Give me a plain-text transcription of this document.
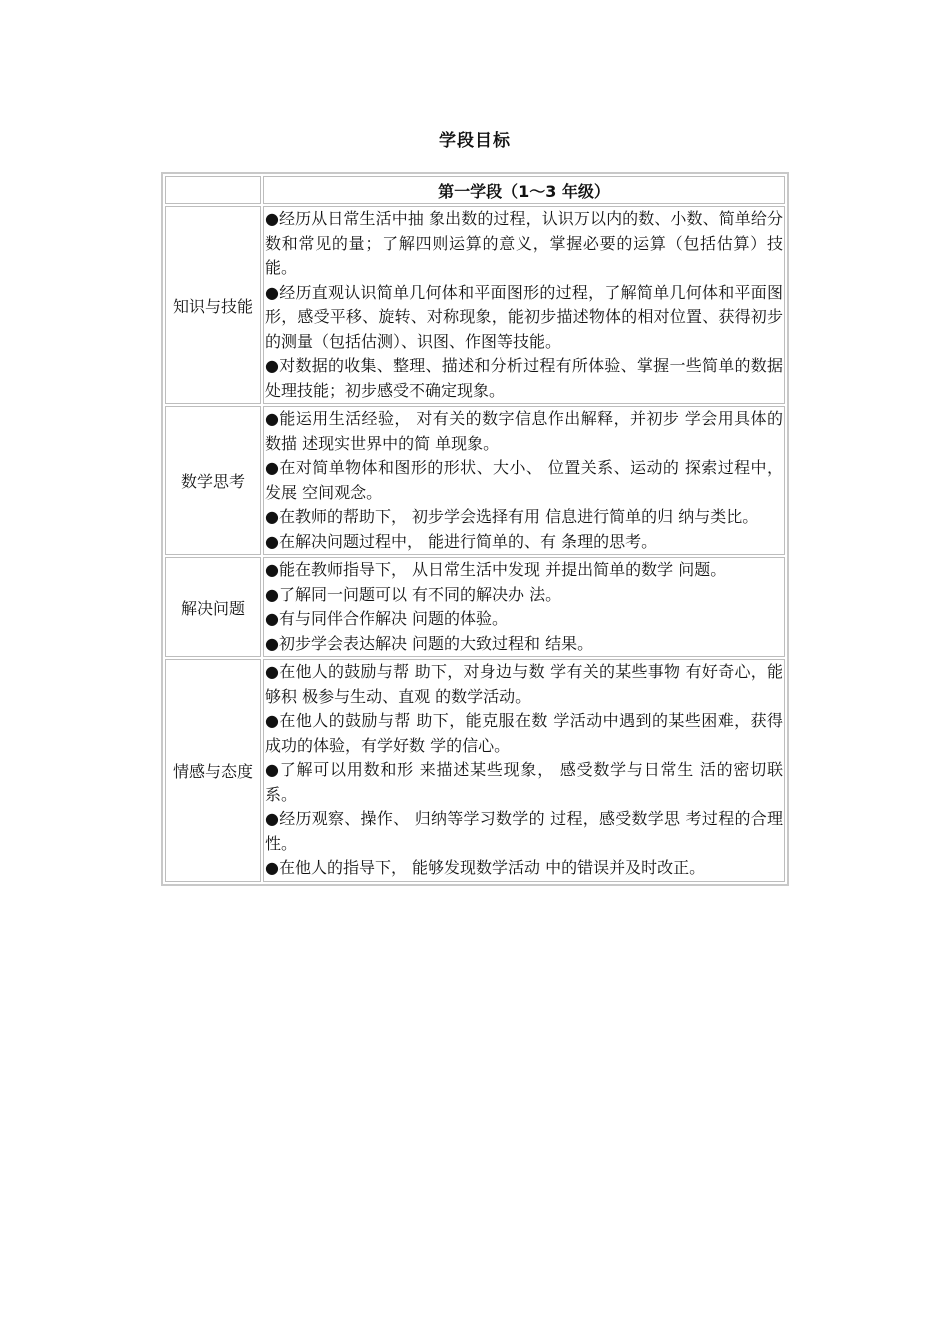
学段目标
	第一学段（1～3 年级）
知识与技能	●经历从日常生活中抽 象出数的过程，认识万以内的数、小数、简单给分数和常见的量；了解四则运算的意义，掌握必要的运算（包括估算）技能。
●经历直观认识简单几何体和平面图形的过程，了解简单几何体和平面图形，感受平移、旋转、对称现象，能初步描述物体的相对位置、获得初步的测量（包括估测）、识图、作图等技能。
●对数据的收集、整理、描述和分析过程有所体验、掌握一些简单的数据处理技能；初步感受不确定现象。

数学思考	●能运用生活经验， 对有关的数字信息作出解释，并初步 学会用具体的数描 述现实世界中的简 单现象。
●在对简单物体和图形的形状、大小、 位置关系、运动的 探索过程中，发展 空间观念。
●在教师的帮助下， 初步学会选择有用 信息进行简单的归 纳与类比。
●在解决问题过程中， 能进行简单的、有 条理的思考。

解决问题	●能在教师指导下， 从日常生活中发现 并提出简单的数学 问题。
●了解同一问题可以 有不同的解决办 法。
●有与同伴合作解决 问题的体验。
●初步学会表达解决 问题的大致过程和 结果。

情感与态度	●在他人的鼓励与帮 助下，对身边与数 学有关的某些事物 有好奇心，能够积 极参与生动、直观 的数学活动。
●在他人的鼓励与帮 助下，能克服在数 学活动中遇到的某些困难，获得成功的体验，有学好数 学的信心。
●了解可以用数和形 来描述某些现象， 感受数学与日常生 活的密切联系。
●经历观察、操作、 归纳等学习数学的 过程，感受数学思 考过程的合理性。
●在他人的指导下， 能够发现数学活动 中的错误并及时改正。
